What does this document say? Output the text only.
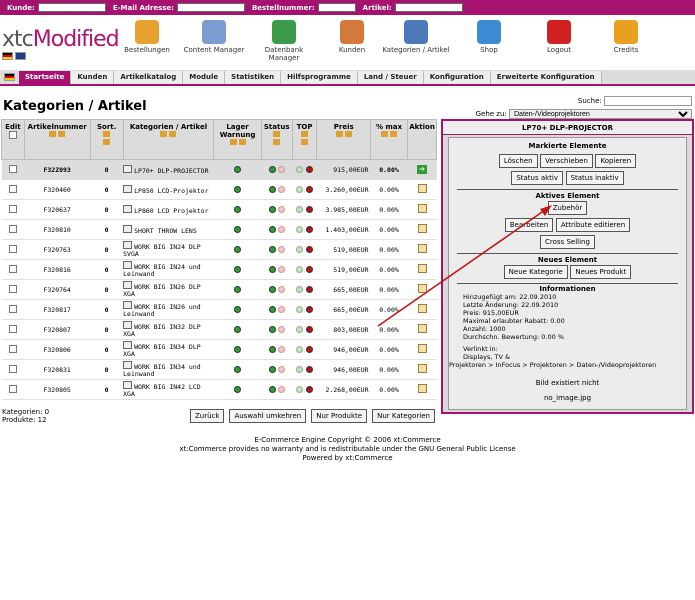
Kunde:	E-Mail Adresse:	Bestellnummer:	Artikel:
xtcModified Bestellungen	Content Manager	Datenbank Manager
Kunden	Kategorien / Artikel	Shop	Logout	Credits
Startseite	Kunden	Artikelkatalog	Module	Statistiken	Hilfsprogramme	Land / Steuer	Konfiguration	Erweiterte Konfiguration
Kategorien / Artikel	Suche:
Gehe zu:
Daten-/Videoprojektoren
Edit	Artikelnummer	Sort.	Kategorien / Artikel	Lager Warnung	Status	TOP	Preis	% max	Aktion
	F32Z093	0	LP70+ DLP-PROJECTOR				915,00EUR	0.00%	➜
	F320460	0	LP850 LCD-Projektor				3.260,00EUR	0.00%	
	F320637	0	LP860 LCD Projektor				3.985,00EUR	0.00%	
	F320810	0	SHORT THROW LENS				1.403,00EUR	0.00%	
	F320763	0	WORK BIG IN24 DLP SVGA				519,00EUR	0.00%	
	F320816	0	WORK BIG IN24 und Leinwand				519,00EUR	0.00%	
	F320764	0	WORK BIG IN26 DLP XGA				665,00EUR	0.00%	
	F320817	0	WORK BIG IN26 und Leinwand				665,00EUR	0.00%	
	F320807	0	WORK BIG IN32 DLP XGA				803,00EUR	0.00%	
	F320806	0	WORK BIG IN34 DLP XGA				946,00EUR	0.00%	
	F320831	0	WORK BIG IN34 und Leinwand				946,00EUR	0.00%	
	F320805	0	WORK BIG IN42 LCD XGA				2.268,00EUR	0.00%	
Kategorien: 0
Produkte: 12	Zurück	Auswahl umkehren	Nur Produkte	Nur Kategorien
LP70+ DLP-PROJECTOR
Markierte Elemente
Löschen Verschieben Kopieren
Status aktiv Status inaktiv
Aktives Element
Zubehör
Bearbeiten Attribute editieren
Cross Selling
Neues Element
Neue Kategorie Neues Produkt
Informationen
Hinzugefügt am: 22.09.2010
Letzte Änderung: 22.09.2010
Preis: 915,00EUR
Maximal erlaubter Rabatt: 0.00
Anzahl: 1000
Durchschn. Bewertung: 0.00 %
Verlinkt in:
Displays, TV &
Projektoren > InFocus > Projektoren > Daten-/Videoprojektoren
Bild existiert nicht
no_image.jpg
E-Commerce Engine Copyright © 2006 xt:Commerce
xt:Commerce provides no warranty and is redistributable under the GNU General Public License
Powered by xt:Commerce
